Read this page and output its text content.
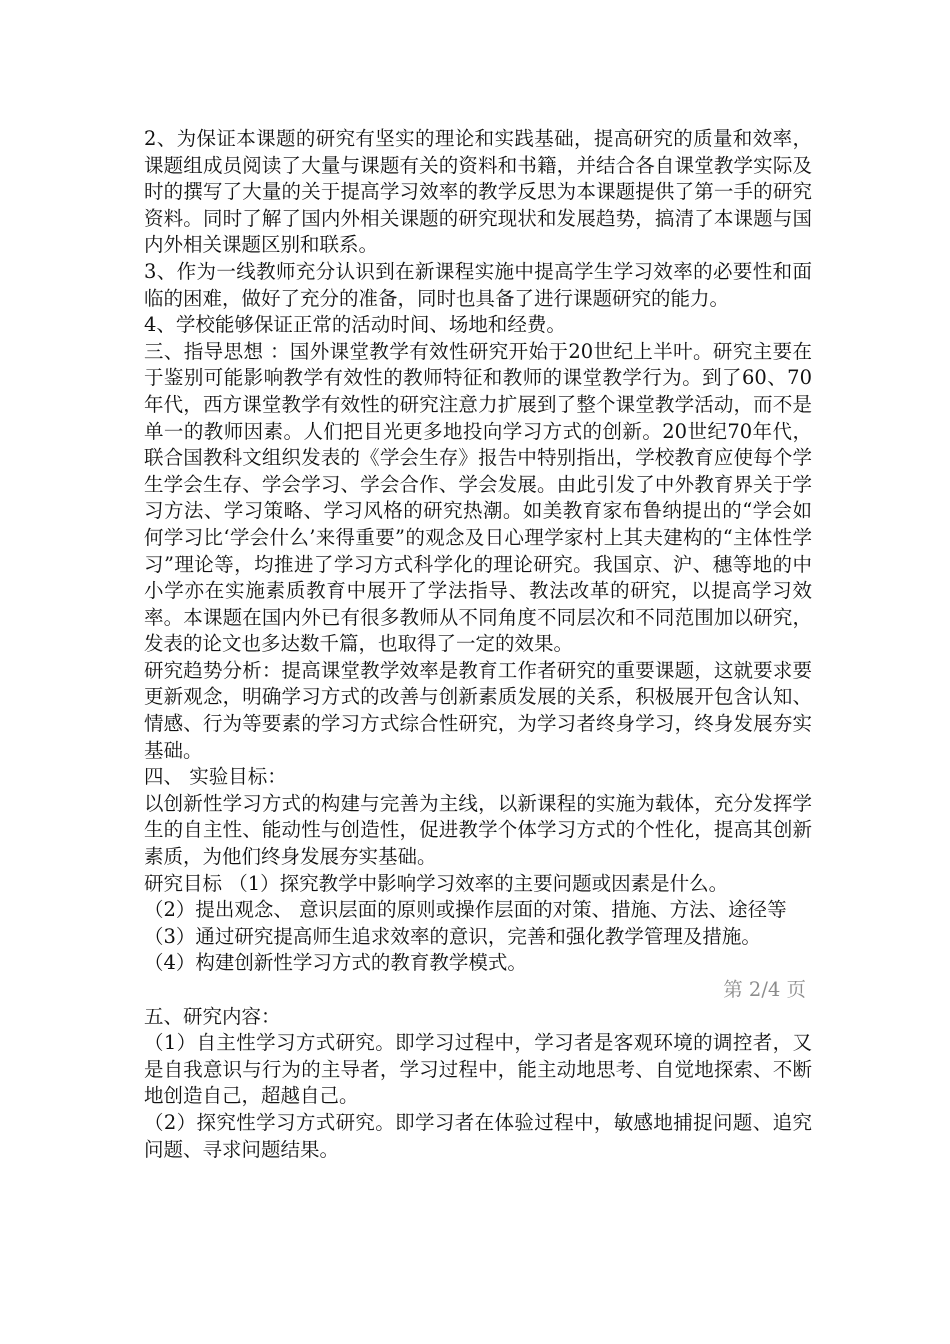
2、为保证本课题的研究有坚实的理论和实践基础，提高研究的质量和效率，课题组成员阅读了大量与课题有关的资料和书籍，并结合各自课堂教学实际及时的撰写了大量的关于提高学习效率的教学反思为本课题提供了第一手的研究资料。同时了解了国内外相关课题的研究现状和发展趋势，搞清了本课题与国内外相关课题区别和联系。

3、作为一线教师充分认识到在新课程实施中提高学生学习效率的必要性和面临的困难，做好了充分的准备，同时也具备了进行课题研究的能力。

4、学校能够保证正常的活动时间、场地和经费。

三、指导思想 ：国外课堂教学有效性研究开始于20世纪上半叶。研究主要在于鉴别可能影响教学有效性的教师特征和教师的课堂教学行为。到了60、70年代，西方课堂教学有效性的研究注意力扩展到了整个课堂教学活动，而不是单一的教师因素。人们把目光更多地投向学习方式的创新。20世纪70年代，联合国教科文组织发表的《学会生存》报告中特别指出，学校教育应使每个学生学会生存、学会学习、学会合作、学会发展。由此引发了中外教育界关于学习方法、学习策略、学习风格的研究热潮。如美教育家布鲁纳提出的“学会如何学习比‘学会什么’来得重要”的观念及日心理学家村上其夫建构的“主体性学习”理论等，均推进了学习方式科学化的理论研究。我国京、沪、穗等地的中小学亦在实施素质教育中展开了学法指导、教法改革的研究，以提高学习效率。本课题在国内外已有很多教师从不同角度不同层次和不同范围加以研究，发表的论文也多达数千篇，也取得了一定的效果。

研究趋势分析：提高课堂教学效率是教育工作者研究的重要课题，这就要求要更新观念，明确学习方式的改善与创新素质发展的关系，积极展开包含认知、情感、行为等要素的学习方式综合性研究，为学习者终身学习，终身发展夯实基础。

四、 实验目标：

以创新性学习方式的构建与完善为主线，以新课程的实施为载体，充分发挥学生的自主性、能动性与创造性，促进教学个体学习方式的个性化，提高其创新素质，为他们终身发展夯实基础。

研究目标 （1）探究教学中影响学习效率的主要问题或因素是什么。

（2）提出观念、 意识层面的原则或操作层面的对策、措施、方法、途径等

（3）通过研究提高师生追求效率的意识，完善和强化教学管理及措施。

（4）构建创新性学习方式的教育教学模式。

第 2/4 页

五、研究内容：

（1）自主性学习方式研究。即学习过程中，学习者是客观环境的调控者，又是自我意识与行为的主导者，学习过程中，能主动地思考、自觉地探索、不断地创造自己，超越自己。

（2）探究性学习方式研究。即学习者在体验过程中，敏感地捕捉问题、追究问题、寻求问题结果。
